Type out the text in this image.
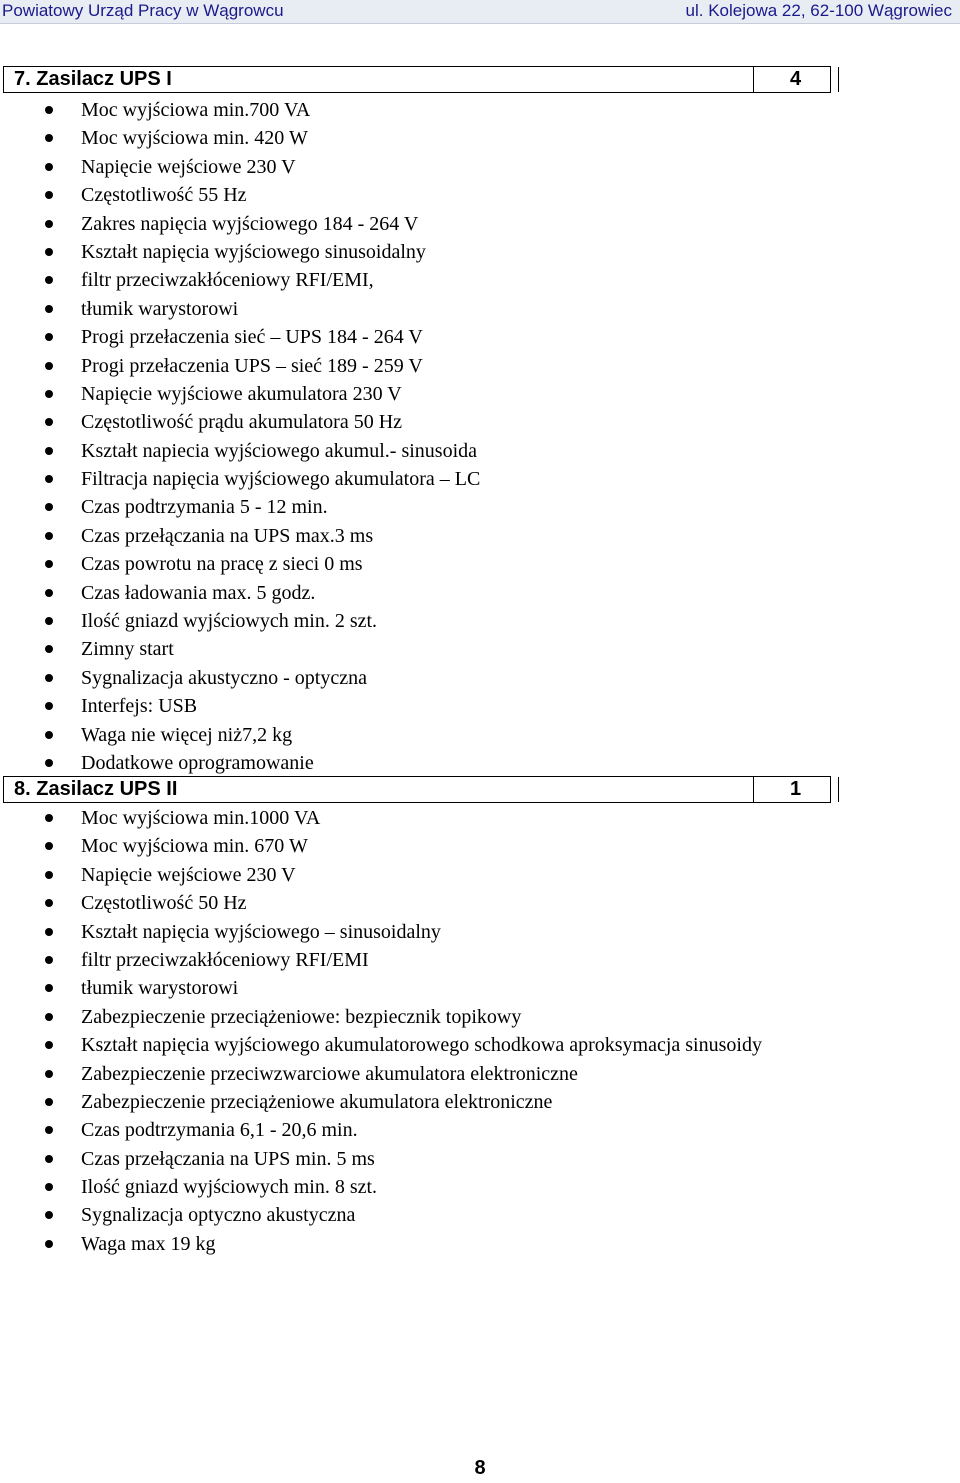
Powiatowy Urząd Pracy w Wągrowcu	ul. Kolejowa 22, 62-100 Wągrowiec
7. Zasilacz UPS I	4
Moc wyjściowa min.700 VA
Moc wyjściowa min. 420 W
Napięcie wejściowe 230 V
Częstotliwość 55 Hz
Zakres napięcia wyjściowego 184 - 264 V
Kształt napięcia wyjściowego sinusoidalny
filtr przeciwzakłóceniowy RFI/EMI,
tłumik warystorowi
Progi przełaczenia sieć – UPS 184 - 264 V
Progi przełaczenia UPS – sieć 189 - 259 V
Napięcie wyjściowe akumulatora 230 V
Częstotliwość prądu akumulatora 50 Hz
Kształt napiecia wyjściowego akumul.- sinusoida
Filtracja napięcia wyjściowego akumulatora – LC
Czas podtrzymania 5 - 12 min.
Czas przełączania na UPS max.3 ms
Czas powrotu na pracę z sieci 0 ms
Czas ładowania max. 5 godz.
Ilość gniazd wyjściowych min. 2 szt.
Zimny start
Sygnalizacja akustyczno - optyczna
Interfejs: USB
Waga nie więcej niż7,2 kg
Dodatkowe oprogramowanie
8. Zasilacz UPS II	1
Moc wyjściowa min.1000 VA
Moc wyjściowa min. 670 W
Napięcie wejściowe 230 V
Częstotliwość 50 Hz
Kształt napięcia wyjściowego – sinusoidalny
filtr przeciwzakłóceniowy RFI/EMI
tłumik warystorowi
Zabezpieczenie przeciążeniowe: bezpiecznik topikowy
Kształt napięcia wyjściowego akumulatorowego schodkowa aproksymacja sinusoidy
Zabezpieczenie przeciwzwarciowe akumulatora elektroniczne
Zabezpieczenie przeciążeniowe akumulatora elektroniczne
Czas podtrzymania 6,1 - 20,6 min.
Czas przełączania na UPS min. 5 ms
Ilość gniazd wyjściowych min. 8 szt.
Sygnalizacja optyczno akustyczna
Waga max 19 kg
8
